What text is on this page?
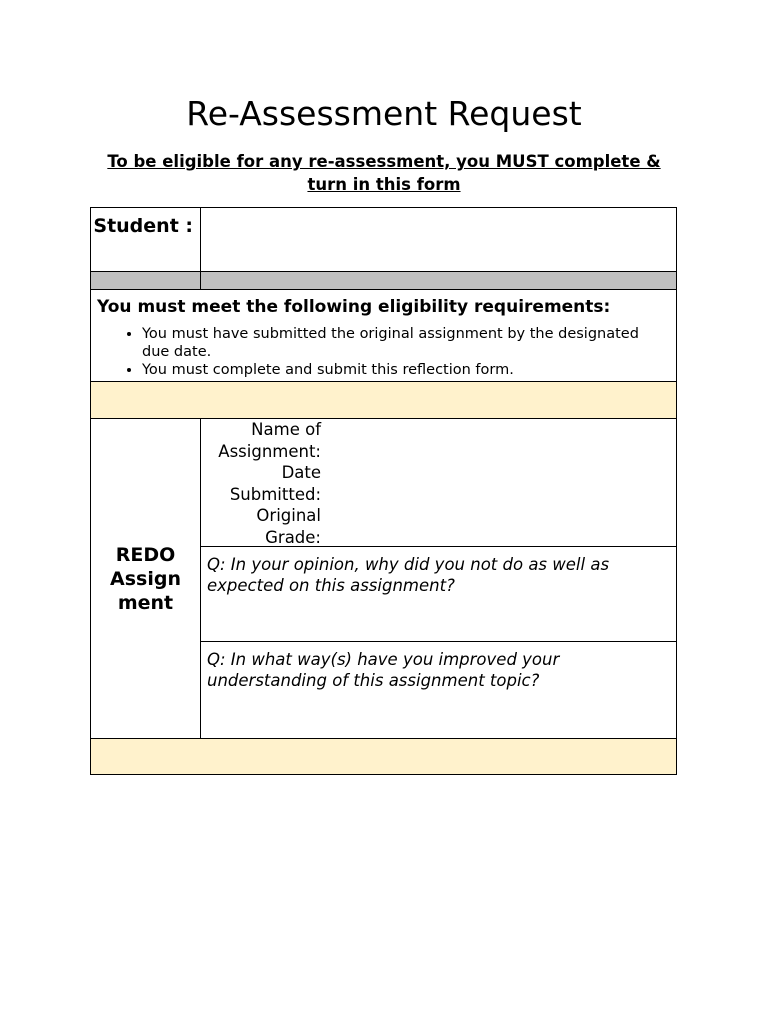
Re-Assessment Request
To be eligible for any re-assessment, you MUST complete & turn in this form
Student :

You must meet the following eligibility requirements:

• You must have submitted the original assignment by the designated due date.
• You must complete and submit this reflection form.
REDO Assign ment
Name of Assignment:
Date Submitted:
Original Grade:
Q: In your opinion, why did you not do as well as expected on this assignment?
Q: In what way(s) have you improved your understanding of this assignment topic?
